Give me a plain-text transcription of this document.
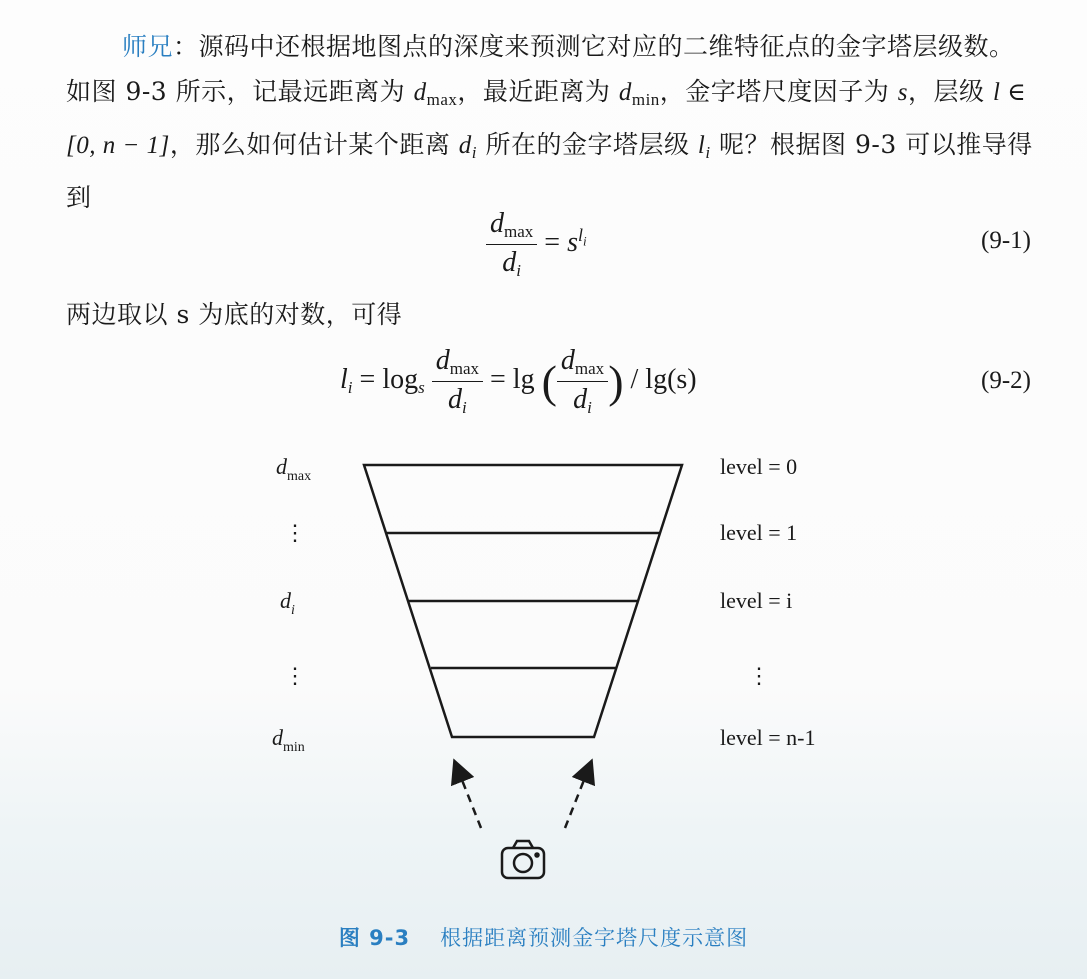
师兄：源码中还根据地图点的深度来预测它对应的二维特征点的金字塔层级数。如图 9-3 所示，记最远距离为 $d_{max}$，最近距离为 $d_{min}$，金字塔尺度因子为 s，层级 l ∈ [0, n − 1]，那么如何估计某个距离 $d_i$ 所在的金字塔层级 $l_i$ 呢？根据图 9-3 可以推导得到
$\frac{d_{max}}{d_i} = s^{l_i}$	(9-1)
两边取以 s 为底的对数，可得
$l_i = \log_s \frac{d_{max}}{d_i} = \lg$ ( $\frac{d_{max}}{d_i}$ ) / lg(s)	(9-2)
$d_{max}$
⋮
$d_i$
⋮
$d_{min}$
level = 0
level = 1
level = i
⋮
level = n-1
图 9-3 根据距离预测金字塔尺度示意图
